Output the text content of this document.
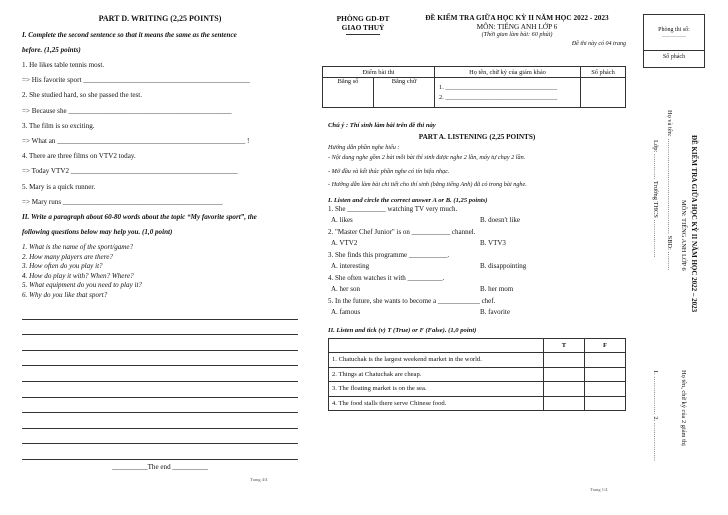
PART D. WRITING (2,25 POINTS)
I. Complete the second sentence so that it means the same as the sentence
before. (1,25 points)
1. He likes table tennis most.
=> His favorite sport _______________________________________________
2. She studied hard, so she passed the test.
=> Because she ______________________________________________
3. The film is so exciting.
=> What an _____________________________________________________ !
4. There are three films on VTV2 today.
=> Today VTV2 _______________________________________________
5. Mary is a quick runner.
=> Mary runs _____________________________________________
II. Write a paragraph about 60-80 words about the topic “My favorite sport”, the
following questions below may help you. (1,0 point)
1. What is the name of the sport/game?
2. How many players are there?
3. How often do you play it?
4. How do play it with? When? Where?
5. What equipment do you need to play it?
6. Why do you like that sport?
__________The end __________
Trang 4/4
PHÒNG GD-ĐT
GIAO THUỶ
ĐỀ KIỂM TRA GIỮA HỌC KỲ II NĂM HỌC 2022 - 2023
MÔN: TIẾNG ANH LỚP 6
(Thời gian làm bài: 60 phút)
Đề thi này có 04 trang
Điểm bài thi		Họ tên, chữ ký của giám khảo	Số phách
Bằng số	Bằng chữ	1. ___________________________________
2. ___________________________________	

Chú ý : Thí sinh làm bài trên đề thi này
PART A. LISTENING (2,25 POINTS)
Hướng dẫn phần nghe hiểu :
- Nội dung nghe gồm 2 bài mỗi bài thí sinh được nghe 2 lần, máy tự chạy 2 lần.
- Mở đầu và kết thúc phần nghe có tín hiệu nhạc.
- Hướng dẫn làm bài chi tiết cho thí sinh (bằng tiếng Anh) đã có trong bài nghe.
I. Listen and circle the correct answer A or B. (1,25 points)
1. She ___________ watching TV very much.
A. likes	B. doesn't like
2. "Master Chef Junior" is on ___________ channel.
A. VTV2	B. VTV3
3. She finds this programme ___________.
A. interesting	B. disappointing
4. She often watches it with __________.
A. her son	B. her mom
5. In the future, she wants to become a ____________ chef.
A. famous	B. favorite
II. Listen and tick (v) T (True) or F (False). (1,0 point)
	T	F
1. Chatuchak is the largest weekend market in the world.		
2. Things at Chatuchak are cheap.		
3. The floating market is on the sea.		
4. The food stalls there serve Chinese food.		
Trang 1/4
Phòng thi số:
…………
Số phách
ĐỀ KIỂM TRA GIỮA HỌC KỲ II NĂM HỌC 2022 – 2023
MÔN: TIẾNG ANH LỚP 6
Họ và tên: ……………………………………… SBD: ………
Lớp: ………… Trường THCS ………………
Họ tên, chữ ký của 2 giám thị
1. ……………… 2. ………………
